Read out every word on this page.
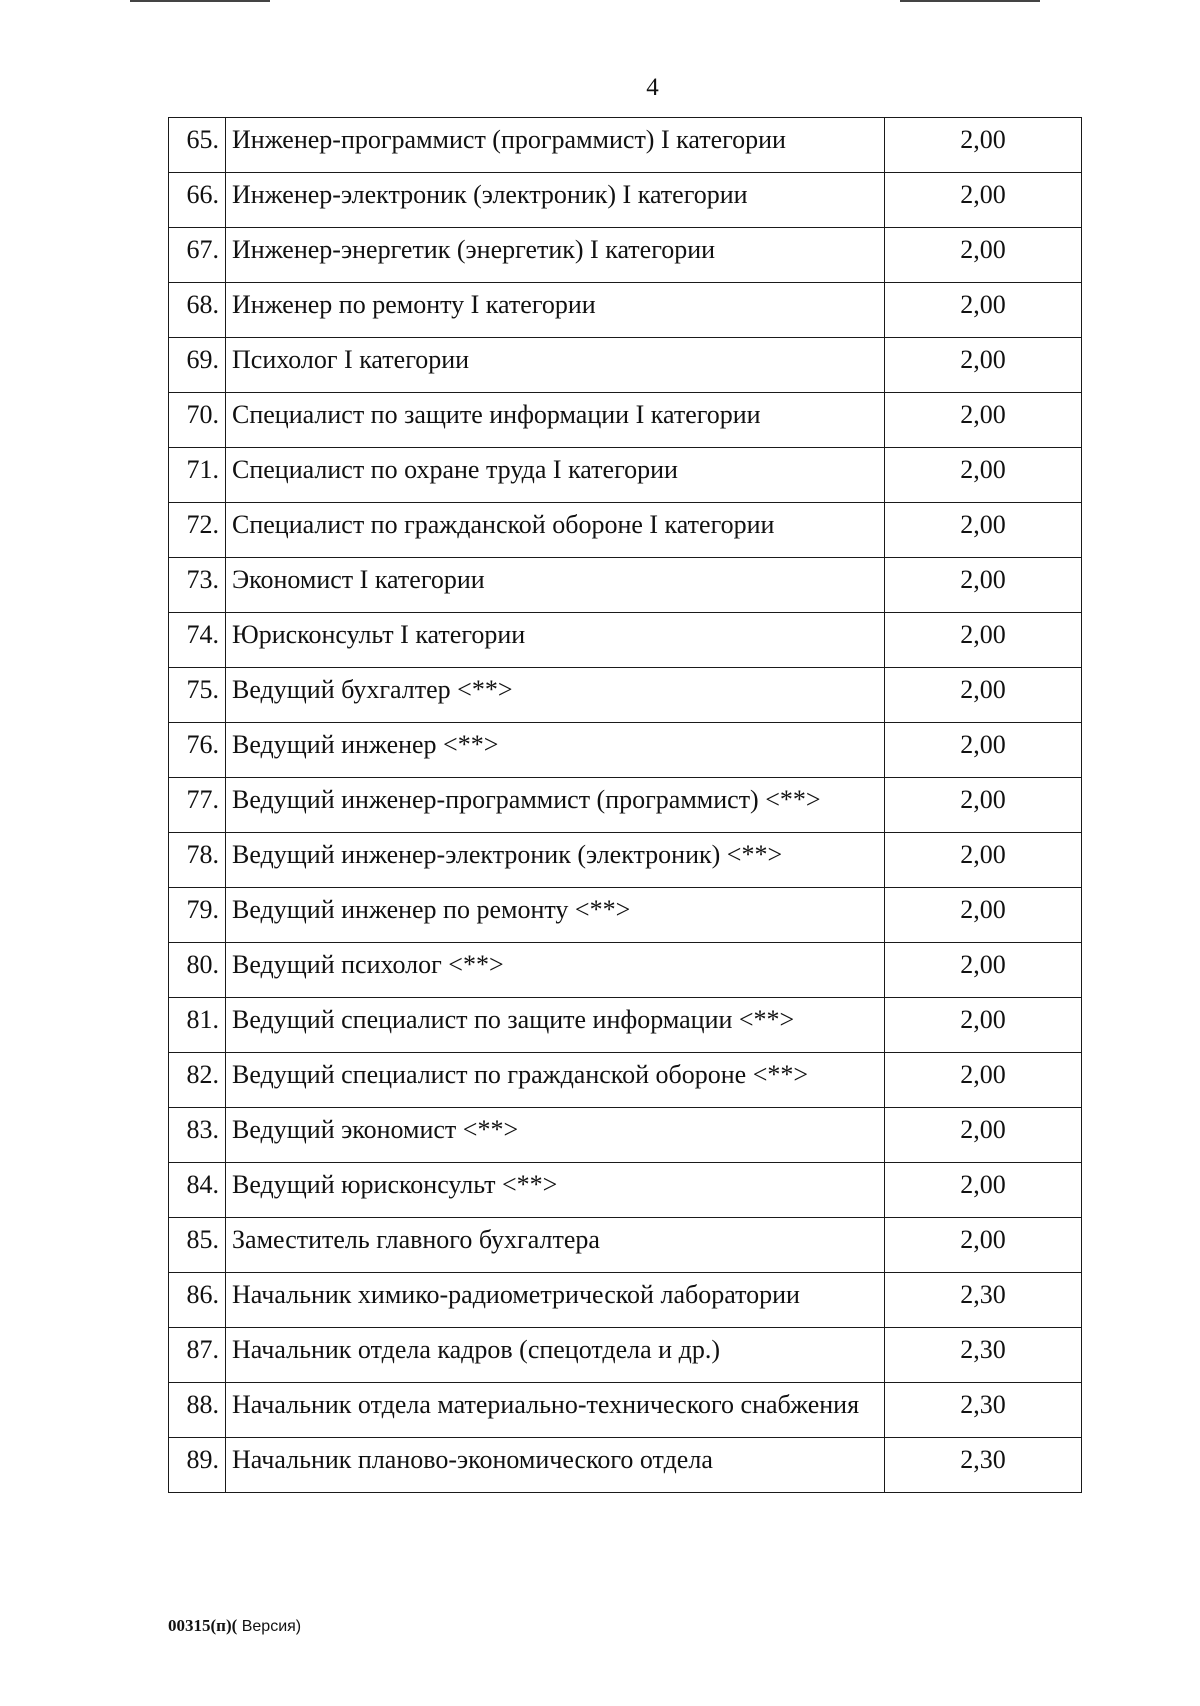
4
65.	Инженер-программист (программист) I категории	2,00
66.	Инженер-электроник (электроник) I категории	2,00
67.	Инженер-энергетик (энергетик) I категории	2,00
68.	Инженер по ремонту I категории	2,00
69.	Психолог I категории	2,00
70.	Специалист по защите информации I категории	2,00
71.	Специалист по охране труда I категории	2,00
72.	Специалист по гражданской обороне I категории	2,00
73.	Экономист I категории	2,00
74.	Юрисконсульт I категории	2,00
75.	Ведущий бухгалтер <**>	2,00
76.	Ведущий инженер <**>	2,00
77.	Ведущий инженер-программист (программист) <**>	2,00
78.	Ведущий инженер-электроник (электроник) <**>	2,00
79.	Ведущий инженер по ремонту <**>	2,00
80.	Ведущий психолог <**>	2,00
81.	Ведущий специалист по защите информации <**>	2,00
82.	Ведущий специалист по гражданской обороне <**>	2,00
83.	Ведущий экономист <**>	2,00
84.	Ведущий юрисконсульт <**>	2,00
85.	Заместитель главного бухгалтера	2,00
86.	Начальник химико-радиометрической лаборатории	2,30
87.	Начальник отдела кадров (спецотдела и др.)	2,30
88.	Начальник отдела материально-технического снабжения	2,30
89.	Начальник планово-экономического отдела	2,30
00315(п)( Версия)
